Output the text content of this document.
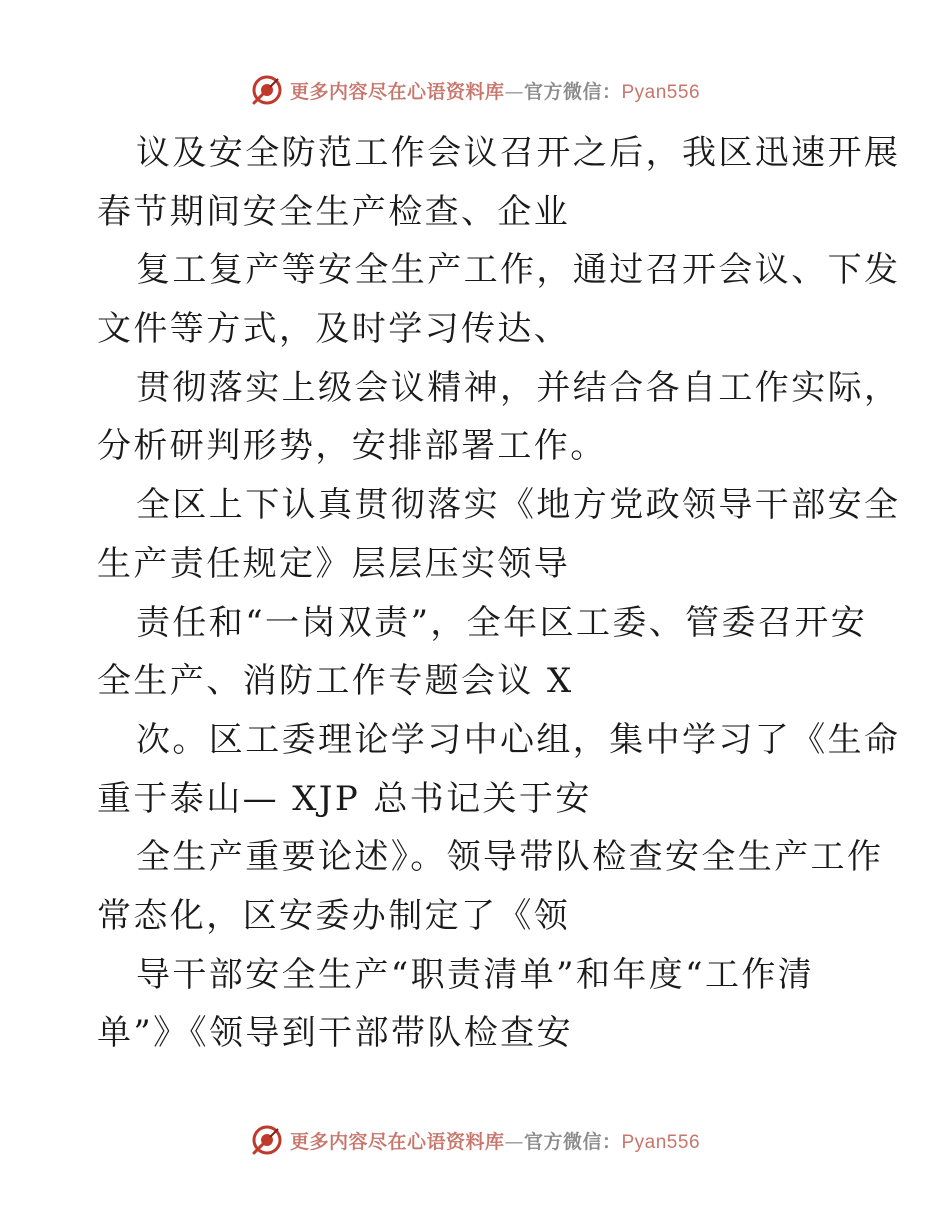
更多内容尽在心语资料库—官方微信：Pyan556
议及安全防范工作会议召开之后，我区迅速开展
春节期间安全生产检查、企业
复工复产等安全生产工作，通过召开会议、下发
文件等方式，及时学习传达、
贯彻落实上级会议精神，并结合各自工作实际，
分析研判形势，安排部署工作。
全区上下认真贯彻落实《地方党政领导干部安全
生产责任规定》层层压实领导
责任和“一岗双责”，全年区工委、管委召开安
全生产、消防工作专题会议 X
次。区工委理论学习中心组，集中学习了《生命
重于泰山— XJP 总书记关于安
全生产重要论述》。领导带队检查安全生产工作
常态化，区安委办制定了《领
导干部安全生产“职责清单”和年度“工作清
单”》《领导到干部带队检查安
更多内容尽在心语资料库—官方微信：Pyan556
